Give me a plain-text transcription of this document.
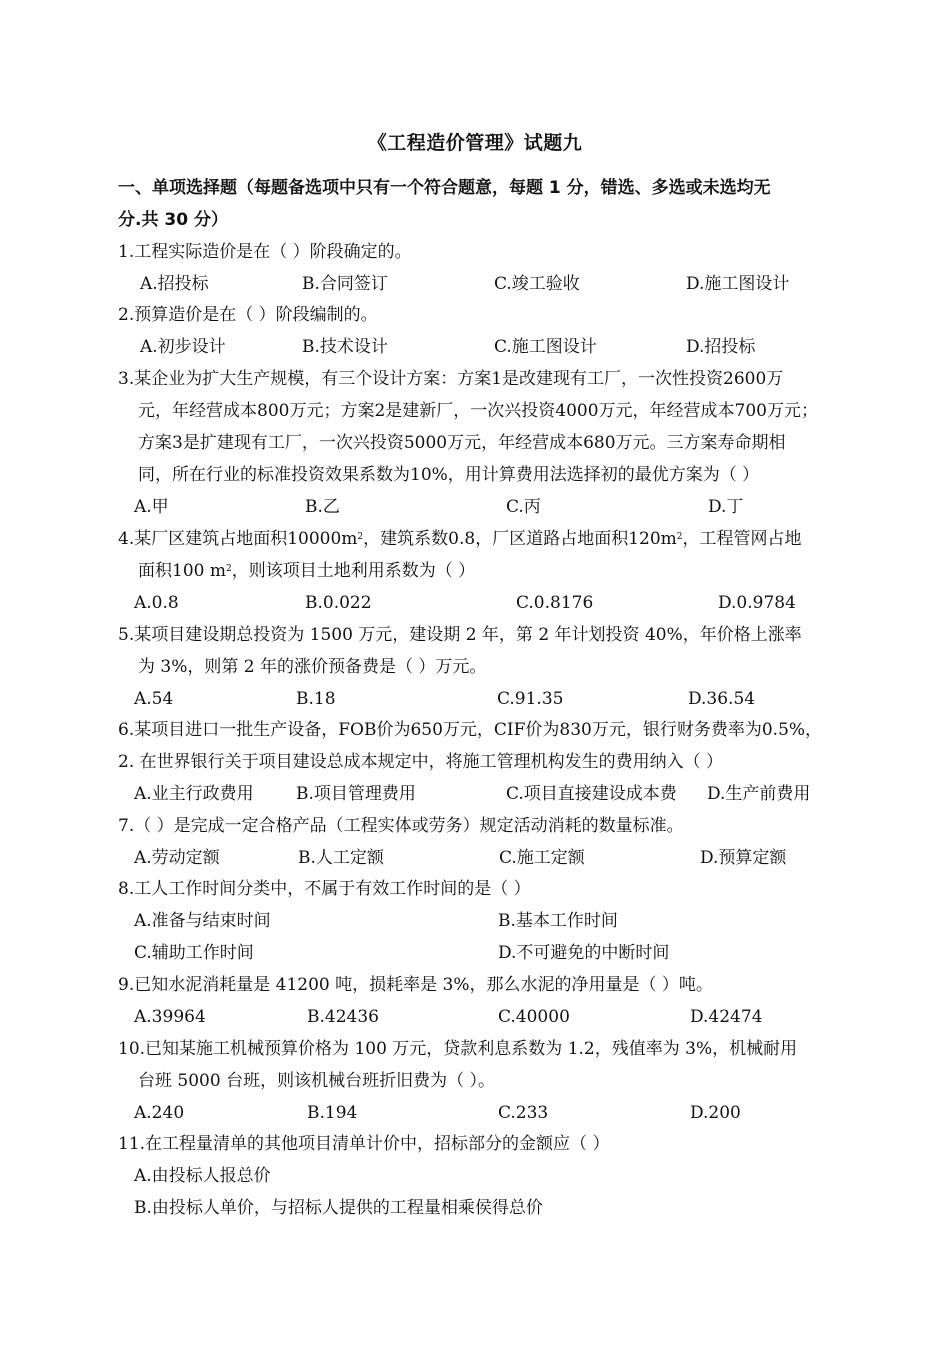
《工程造价管理》试题九
一、单项选择题（每题备选项中只有一个符合题意，每题 1 分，错选、多选或未选均无
分.共 30 分）
1.工程实际造价是在（ ）阶段确定的。
A.招投标	B.合同签订	C.竣工验收	D.施工图设计
2.预算造价是在（ ）阶段编制的。
A.初步设计	B.技术设计	C.施工图设计	D.招投标
3.某企业为扩大生产规模，有三个设计方案：方案1是改建现有工厂，一次性投资2600万
元，年经营成本800万元；方案2是建新厂，一次兴投资4000万元，年经营成本700万元；
方案3是扩建现有工厂，一次兴投资5000万元，年经营成本680万元。三方案寿命期相
同，所在行业的标准投资效果系数为10%，用计算费用法选择初的最优方案为（ ）
A.甲	B.乙	C.丙	D.丁
4.某厂区建筑占地面积$10000m^2$，建筑系数0.8，厂区道路占地面积$120m^2$，工程管网占地
面积100 $m^2$，则该项目土地利用系数为（ ）
A.0.8	B.0.022	C.0.8176	D.0.9784
5.某项目建设期总投资为 1500 万元，建设期 2 年，第 2 年计划投资 40%，年价格上涨率
为 3%，则第 2 年的涨价预备费是（ ）万元。
A.54	B.18	C.91.35	D.36.54
6.某项目进口一批生产设备，FOB价为650万元，CIF价为830万元，银行财务费率为0.5%，
2. 在世界银行关于项目建设总成本规定中，将施工管理机构发生的费用纳入（ ）
A.业主行政费用 B.项目管理费用	C.项目直接建设成本费 D.生产前费用
7.（ ）是完成一定合格产品（工程实体或劳务）规定活动消耗的数量标准。
A.劳动定额	B.人工定额	C.施工定额	D.预算定额
8.工人工作时间分类中，不属于有效工作时间的是（ ）
A.准备与结束时间	B.基本工作时间
C.辅助工作时间	D.不可避免的中断时间
9.已知水泥消耗量是 41200 吨，损耗率是 3%，那么水泥的净用量是（ ）吨。
A.39964	B.42436	C.40000	D.42474
10.已知某施工机械预算价格为 100 万元，贷款利息系数为 1.2，残值率为 3%，机械耐用
台班 5000 台班，则该机械台班折旧费为（ ）。
A.240	B.194	C.233	D.200
11.在工程量清单的其他项目清单计价中，招标部分的金额应（ ）
A.由投标人报总价
B.由投标人单价，与招标人提供的工程量相乘侯得总价
